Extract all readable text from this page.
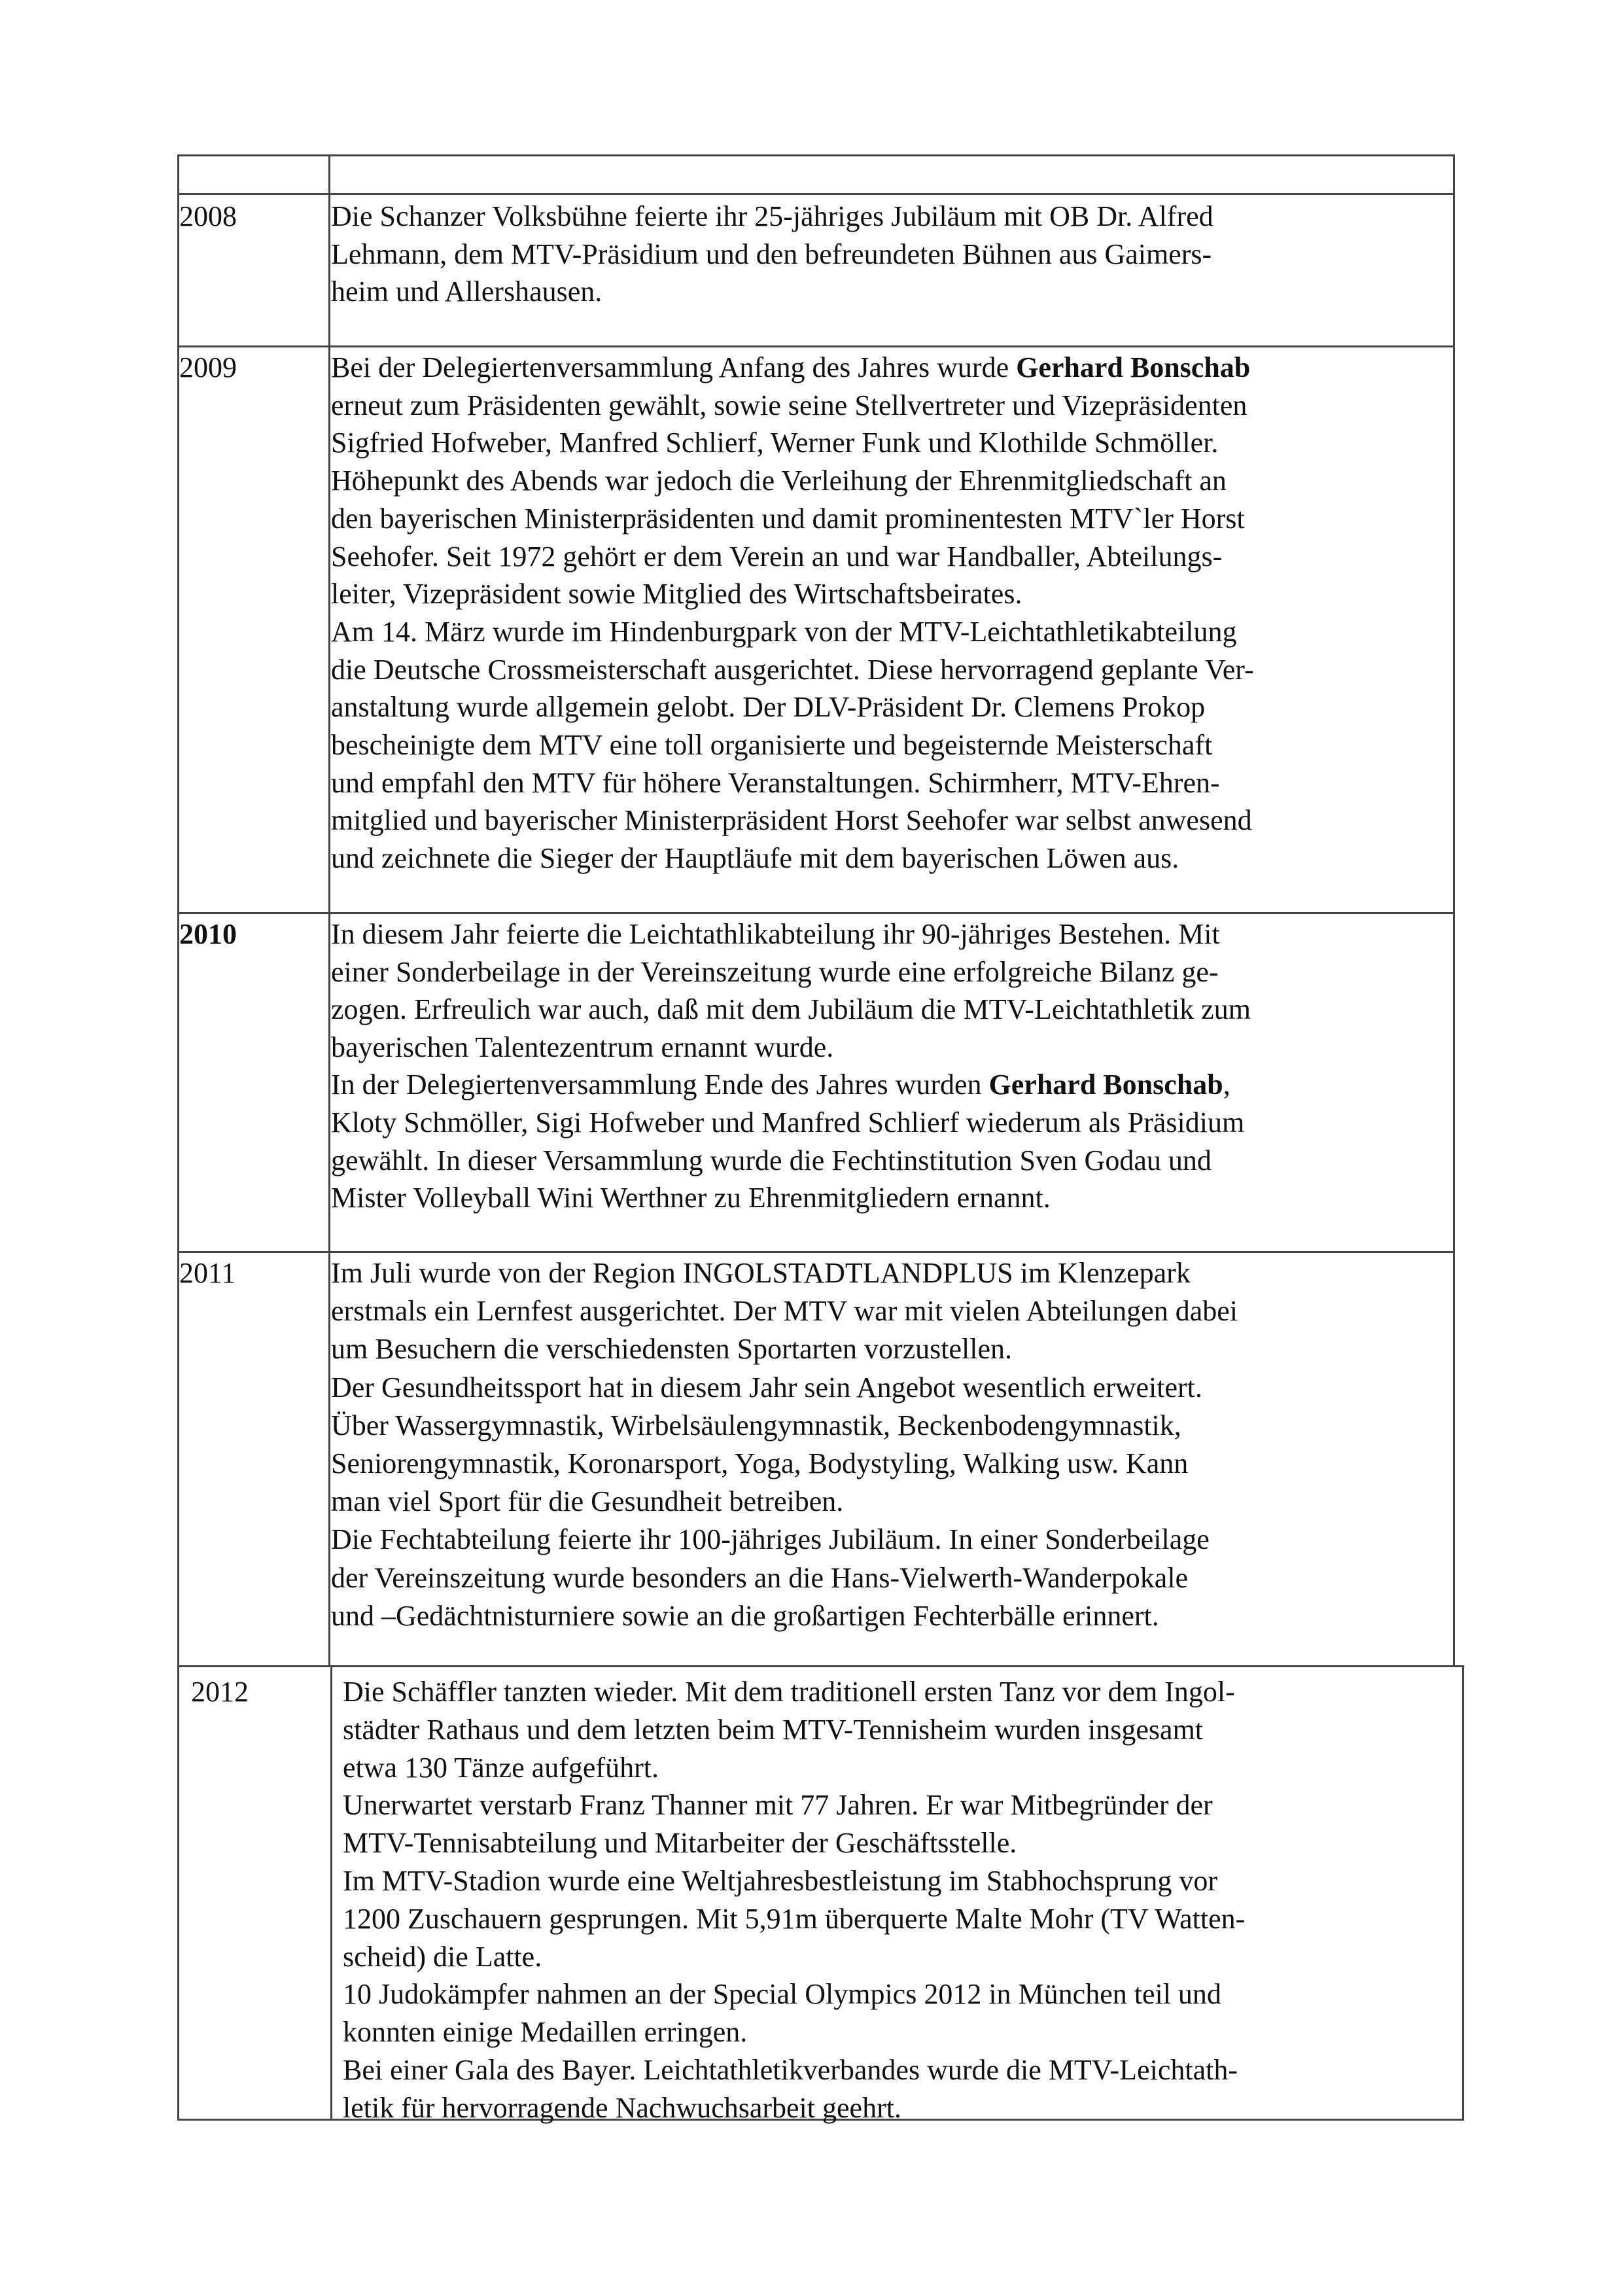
2008	Die Schanzer Volksbühne feierte ihr 25-jähriges Jubiläum mit OB Dr. Alfred
Lehmann, dem MTV-Präsidium und den befreundeten Bühnen aus Gaimers-
heim und Allershausen.
2009	Bei der Delegiertenversammlung Anfang des Jahres wurde Gerhard Bonschab
erneut zum Präsidenten gewählt, sowie seine Stellvertreter und Vizepräsidenten
Sigfried Hofweber, Manfred Schlierf, Werner Funk und Klothilde Schmöller.
Höhepunkt des Abends war jedoch die Verleihung der Ehrenmitgliedschaft an
den bayerischen Ministerpräsidenten und damit prominentesten MTV`ler Horst
Seehofer. Seit 1972 gehört er dem Verein an und war Handballer, Abteilungs-
leiter, Vizepräsident sowie Mitglied des Wirtschaftsbeirates.
Am 14. März wurde im Hindenburgpark von der MTV-Leichtathletikabteilung
die Deutsche Crossmeisterschaft ausgerichtet. Diese hervorragend geplante Ver-
anstaltung wurde allgemein gelobt. Der DLV-Präsident Dr. Clemens Prokop
bescheinigte dem MTV eine toll organisierte und begeisternde Meisterschaft
und empfahl den MTV für höhere Veranstaltungen. Schirmherr, MTV-Ehren-
mitglied und bayerischer Ministerpräsident Horst Seehofer war selbst anwesend
und zeichnete die Sieger der Hauptläufe mit dem bayerischen Löwen aus.
2010	In diesem Jahr feierte die Leichtathlikabteilung ihr 90-jähriges Bestehen. Mit
einer Sonderbeilage in der Vereinszeitung wurde eine erfolgreiche Bilanz ge-
zogen. Erfreulich war auch, daß mit dem Jubiläum die MTV-Leichtathletik zum
bayerischen Talentezentrum ernannt wurde.
In der Delegiertenversammlung Ende des Jahres wurden Gerhard Bonschab,
Kloty Schmöller, Sigi Hofweber und Manfred Schlierf wiederum als Präsidium
gewählt. In dieser Versammlung wurde die Fechtinstitution Sven Godau und
Mister Volleyball Wini Werthner zu Ehrenmitgliedern ernannt.
2011	Im Juli wurde von der Region INGOLSTADTLANDPLUS im Klenzepark
erstmals ein Lernfest ausgerichtet. Der MTV war mit vielen Abteilungen dabei
um Besuchern die verschiedensten Sportarten vorzustellen.
Der Gesundheitssport hat in diesem Jahr sein Angebot wesentlich erweitert.
Über Wassergymnastik, Wirbelsäulengymnastik, Beckenbodengymnastik,
Seniorengymnastik, Koronarsport, Yoga, Bodystyling, Walking usw. Kann
man viel Sport für die Gesundheit betreiben.
Die Fechtabteilung feierte ihr 100-jähriges Jubiläum. In einer Sonderbeilage
der Vereinszeitung wurde besonders an die Hans-Vielwerth-Wanderpokale
und –Gedächtnisturniere sowie an die großartigen Fechterbälle erinnert.
2012	Die Schäffler tanzten wieder. Mit dem traditionell ersten Tanz vor dem Ingol-
städter Rathaus und dem letzten beim MTV-Tennisheim wurden insgesamt
etwa 130 Tänze aufgeführt.
Unerwartet verstarb Franz Thanner mit 77 Jahren. Er war Mitbegründer der
MTV-Tennisabteilung und Mitarbeiter der Geschäftsstelle.
Im MTV-Stadion wurde eine Weltjahresbestleistung im Stabhochsprung vor
1200 Zuschauern gesprungen. Mit 5,91m überquerte Malte Mohr (TV Watten-
scheid) die Latte.
10 Judokämpfer nahmen an der Special Olympics 2012 in München teil und
konnten einige Medaillen erringen.
Bei einer Gala des Bayer. Leichtathletikverbandes wurde die MTV-Leichtath-
letik für hervorragende Nachwuchsarbeit geehrt.
